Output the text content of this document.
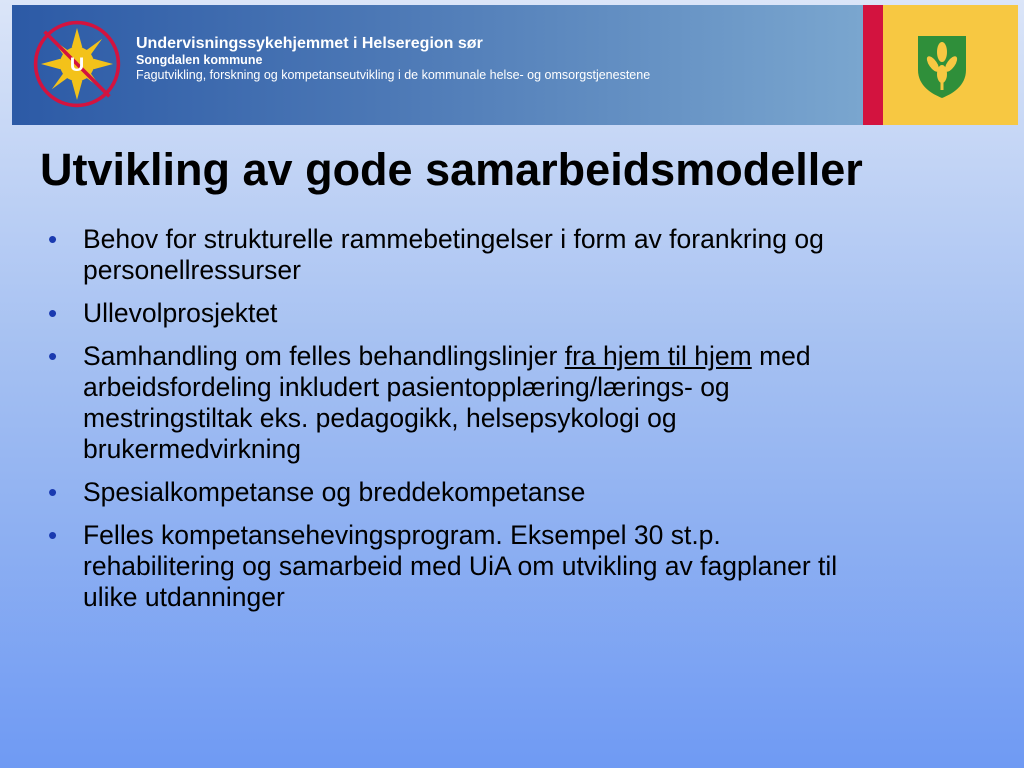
U
Undervisningssykehjemmet i Helseregion sør
Songdalen kommune
Fagutvikling, forskning og kompetanseutvikling i de kommunale helse- og omsorgstjenestene
Utvikling av gode samarbeidsmodeller
• Behov for strukturelle rammebetingelser i form av forankring og personellressurser
• Ullevolprosjektet
• Samhandling om felles behandlingslinjer fra hjem til hjem med arbeidsfordeling inkludert pasientopplæring/lærings- og mestringstiltak eks. pedagogikk, helsepsykologi og brukermedvirkning
• Spesialkompetanse og breddekompetanse
• Felles kompetansehevingsprogram. Eksempel 30 st.p. rehabilitering og samarbeid med UiA om utvikling av fagplaner til ulike utdanninger
